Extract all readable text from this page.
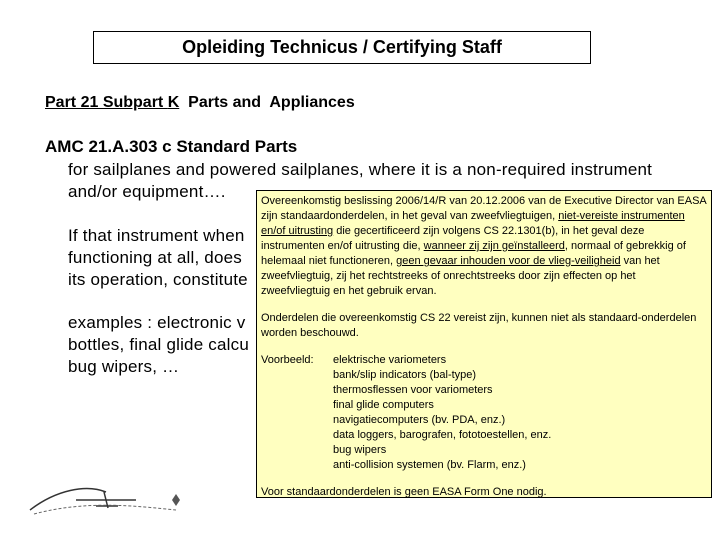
Opleiding Technicus / Certifying Staff
Part 21 Subpart K  Parts and  Appliances
AMC 21.A.303 c Standard Parts
for sailplanes and powered sailplanes, where it is a non-required instrument
and/or equipment….
If that instrument when
functioning at all, does
its operation, constitute
examples : electronic v
bottles, final glide calcu
bug wipers, …

Overeenkomstig beslissing 2006/14/R van 20.12.2006 van de Executive Director van EASA zijn standaardonderdelen, in het geval van zweefvliegtuigen, niet-vereiste instrumenten en/of uitrusting die gecertificeerd zijn volgens CS 22.1301(b), in het geval deze instrumenten en/of uitrusting die, wanneer zij zijn geïnstalleerd, normaal of gebrekkig of helemaal niet functioneren, geen gevaar inhouden voor de vlieg-veiligheid van het zweefvliegtuig, zij het rechtstreeks of onrechtstreeks door zijn effecten op het zweefvliegtuig en het gebruik ervan.

Onderdelen die overeenkomstig CS 22 vereist zijn, kunnen niet als standaard-onderdelen worden beschouwd.

Voorbeeld:	elektrische variometers
bank/slip indicators (bal-type)
thermosflessen voor variometers
final glide computers
navigatiecomputers (bv. PDA, enz.)
data loggers, barografen, fototoestellen, enz.
bug wipers
anti-collision systemen (bv. Flarm, enz.)

Voor standaardonderdelen is geen EASA Form One nodig.
